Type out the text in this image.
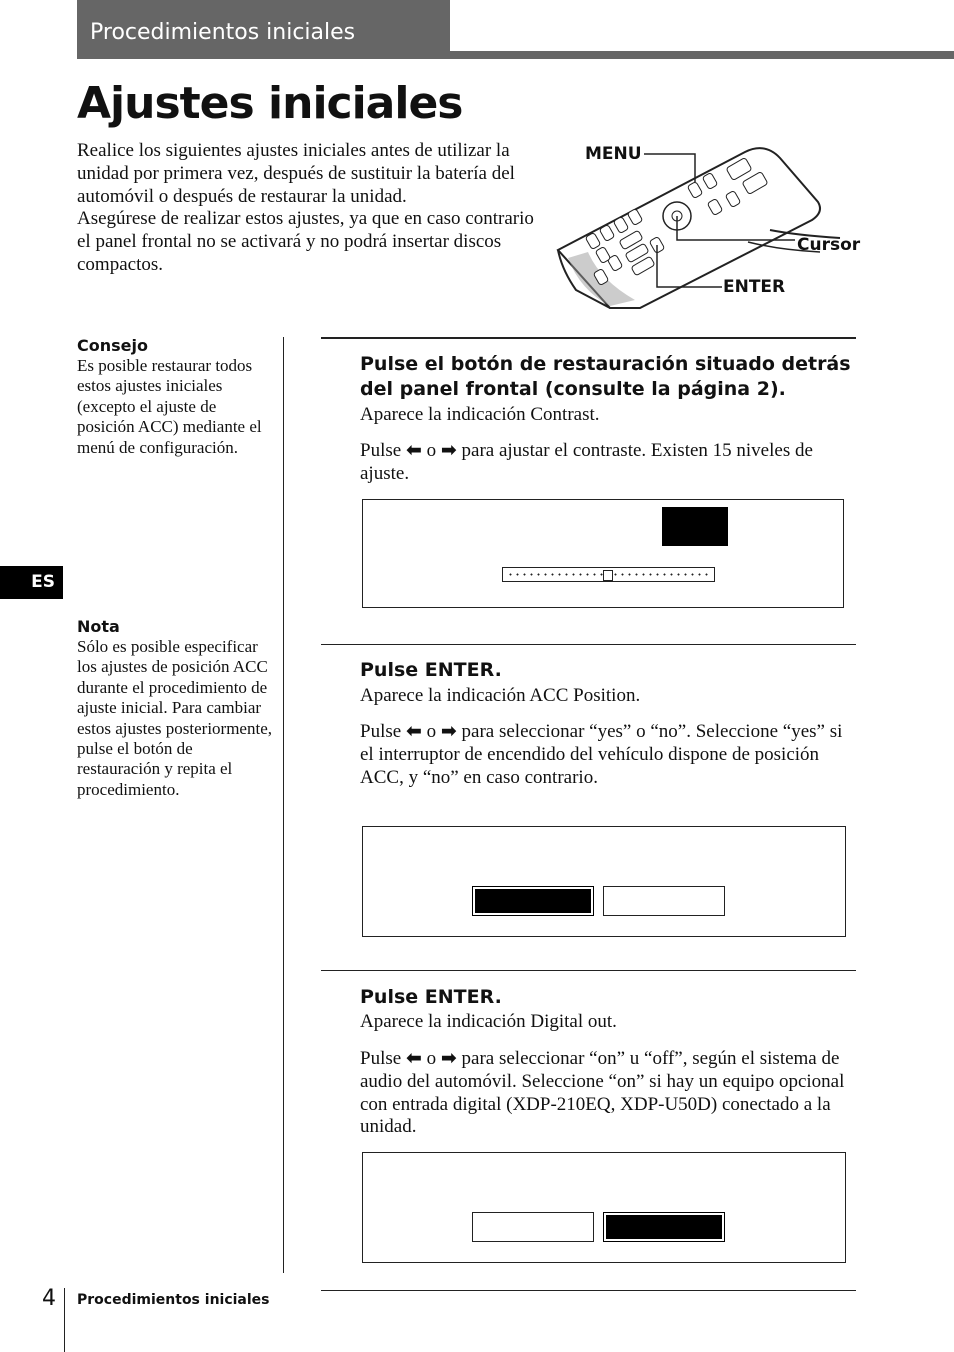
Procedimientos iniciales
Ajustes iniciales
Realice los siguientes ajustes iniciales antes de utilizar la unidad por primera vez, después de sustituir la batería del automóvil o después de restaurar la unidad.
Asegúrese de realizar estos ajustes, ya que en caso contrario el panel frontal no se activará y no podrá insertar discos compactos.
MENU
Cursor
ENTER
Consejo
Es posible restaurar todos estos ajustes iniciales (excepto el ajuste de posición ACC) mediante el menú de configuración.
ES
Nota
Sólo es posible especificar los ajustes de posición ACC durante el procedimiento de ajuste inicial. Para cambiar estos ajustes posteriormente, pulse el botón de restauración y repita el procedimiento.
Pulse el botón de restauración situado detrás del panel frontal (consulte la página 2).
Aparece la indicación Contrast.
Pulse ⬅ o ➡ para ajustar el contraste. Existen 15 niveles de ajuste.
Pulse ENTER.
Aparece la indicación ACC Position.
Pulse ⬅ o ➡ para seleccionar “yes” o “no”. Seleccione “yes” si el interruptor de encendido del vehículo dispone de posición ACC, y “no” en caso contrario.
Pulse ENTER.
Aparece la indicación Digital out.
Pulse ⬅ o ➡ para seleccionar “on” u “off”, según el sistema de audio del automóvil. Seleccione “on” si hay un equipo opcional con entrada digital (XDP-210EQ, XDP-U50D) conectado a la unidad.
4 Procedimientos iniciales
